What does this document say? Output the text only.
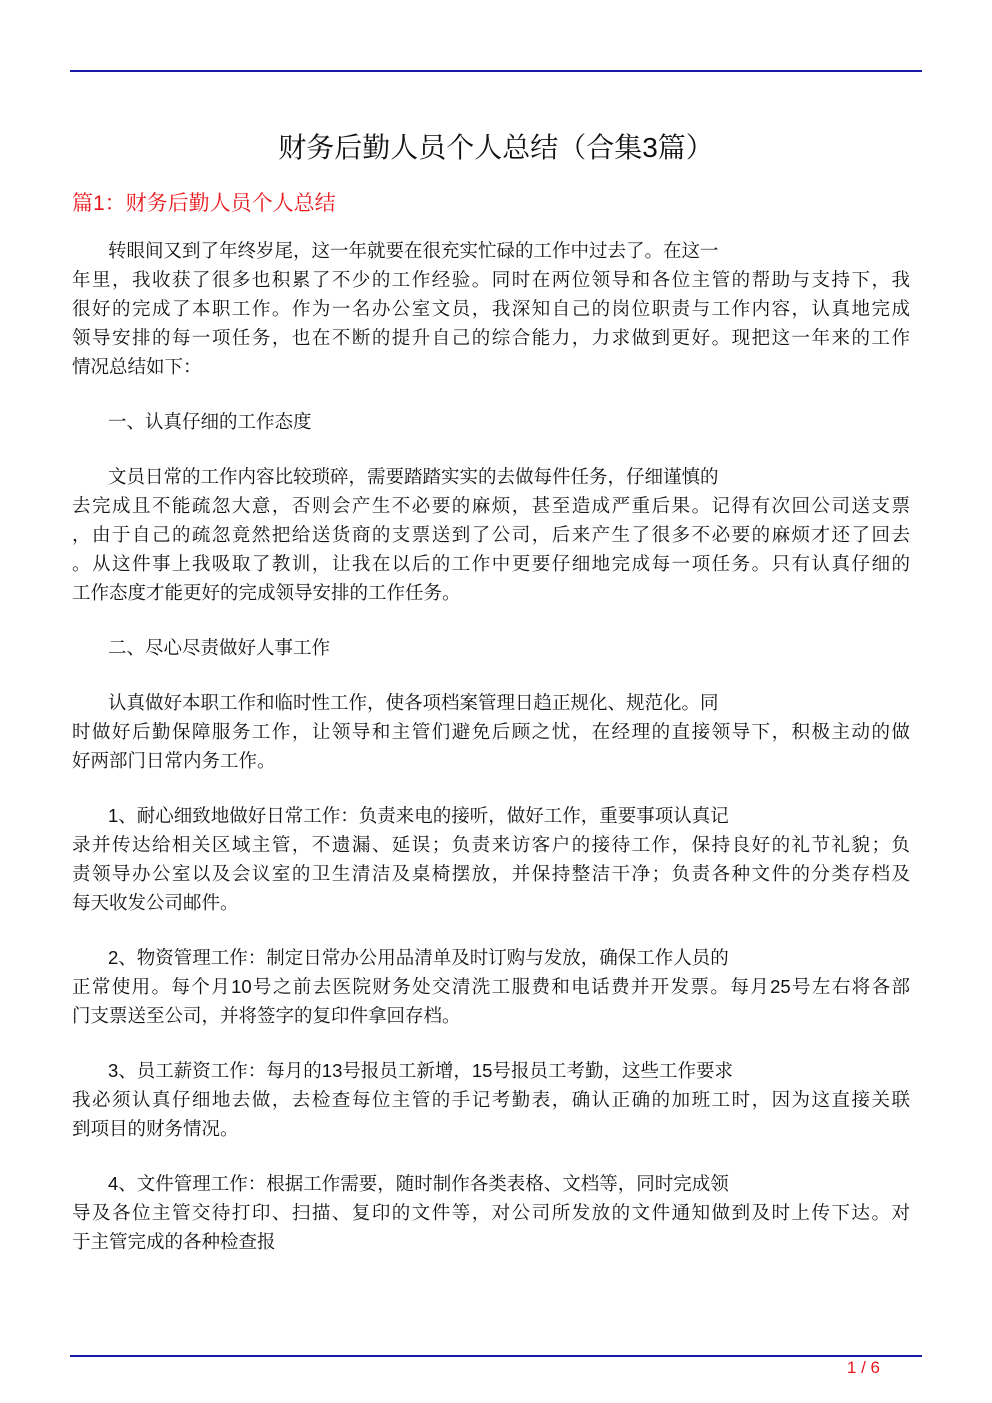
财务后勤人员个人总结（合集3篇）
篇1：财务后勤人员个人总结
转眼间又到了年终岁尾，这一年就要在很充实忙碌的工作中过去了。在这一
年里，我收获了很多也积累了不少的工作经验。同时在两位领导和各位主管的帮助与支持下，我
很好的完成了本职工作。作为一名办公室文员，我深知自己的岗位职责与工作内容，认真地完成
领导安排的每一项任务，也在不断的提升自己的综合能力，力求做到更好。现把这一年来的工作
情况总结如下：
一、认真仔细的工作态度
文员日常的工作内容比较琐碎，需要踏踏实实的去做每件任务，仔细谨慎的
去完成且不能疏忽大意，否则会产生不必要的麻烦，甚至造成严重后果。记得有次回公司送支票
，由于自己的疏忽竟然把给送货商的支票送到了公司，后来产生了很多不必要的麻烦才还了回去
。从这件事上我吸取了教训，让我在以后的工作中更要仔细地完成每一项任务。只有认真仔细的
工作态度才能更好的完成领导安排的工作任务。
二、尽心尽责做好人事工作
认真做好本职工作和临时性工作，使各项档案管理日趋正规化、规范化。同
时做好后勤保障服务工作，让领导和主管们避免后顾之忧，在经理的直接领导下，积极主动的做
好两部门日常内务工作。
1、耐心细致地做好日常工作：负责来电的接听，做好工作，重要事项认真记
录并传达给相关区域主管，不遗漏、延误；负责来访客户的接待工作，保持良好的礼节礼貌；负
责领导办公室以及会议室的卫生清洁及桌椅摆放，并保持整洁干净；负责各种文件的分类存档及
每天收发公司邮件。
2、物资管理工作：制定日常办公用品清单及时订购与发放，确保工作人员的
正常使用。每个月10号之前去医院财务处交清洗工服费和电话费并开发票。每月25号左右将各部
门支票送至公司，并将签字的复印件拿回存档。
3、员工薪资工作：每月的13号报员工新增，15号报员工考勤，这些工作要求
我必须认真仔细地去做，去检查每位主管的手记考勤表，确认正确的加班工时，因为这直接关联
到项目的财务情况。
4、文件管理工作：根据工作需要，随时制作各类表格、文档等，同时完成领
导及各位主管交待打印、扫描、复印的文件等，对公司所发放的文件通知做到及时上传下达。对
于主管完成的各种检查报
1 / 6
